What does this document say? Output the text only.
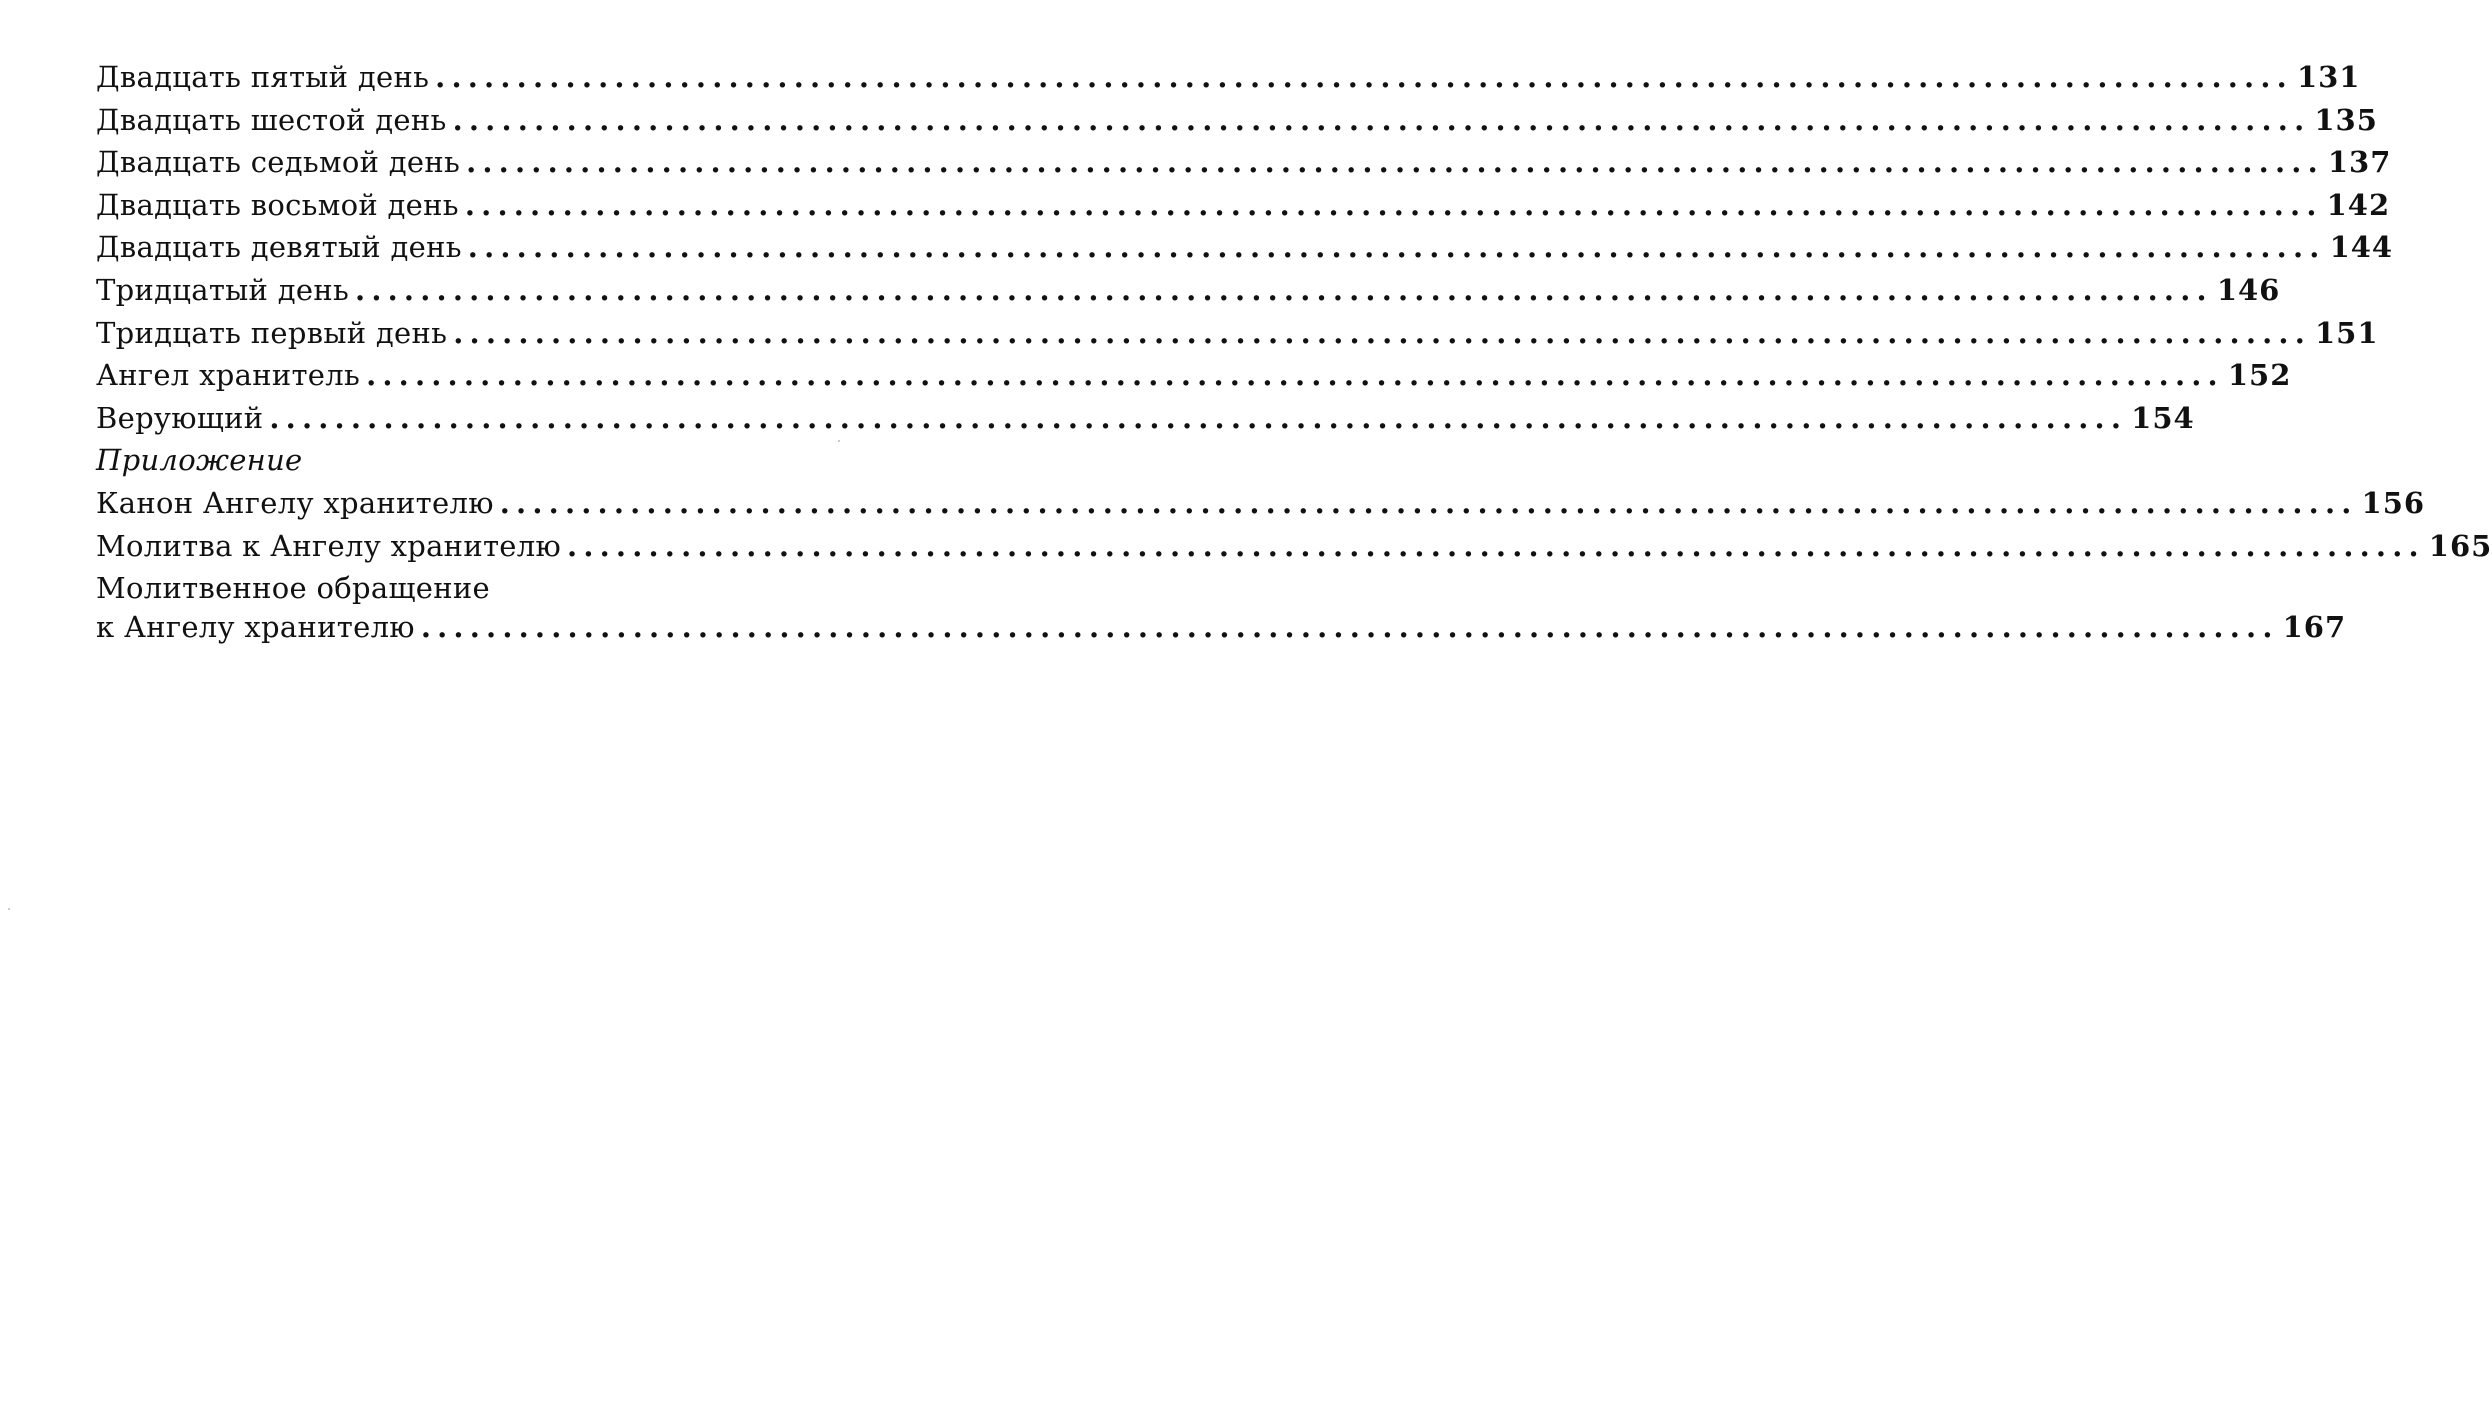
Двадцать пятый день .................................................................................................................. 131
Двадцать шестой день .................................................................................................................. 135
Двадцать седьмой день .................................................................................................................. 137
Двадцать восьмой день .................................................................................................................. 142
Двадцать девятый день .................................................................................................................. 144
Тридцатый день .................................................................................................................. 146
Тридцать первый день .................................................................................................................. 151
Ангел хранитель .................................................................................................................. 152
Верующий .................................................................................................................. 154
Приложение
Канон Ангелу хранителю .................................................................................................................. 156
Молитва к Ангелу хранителю .................................................................................................................. 165
Молитвенное обращение
к Ангелу хранителю .................................................................................................................. 167
